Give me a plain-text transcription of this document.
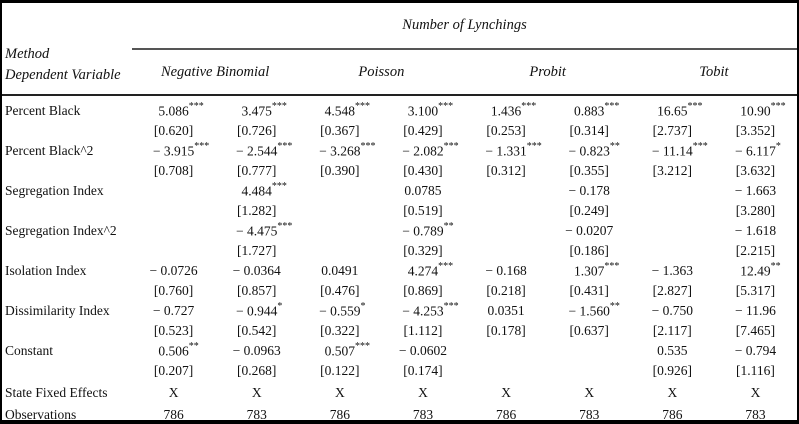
Method
Dependent Variable	Number of Lynchings							
	Negative Binomial		Poisson		Probit		Tobit	
Percent Black	5.086***	3.475***	4.548***	3.100***	1.436***	0.883***	16.65***	10.90***
	[0.620]	[0.726]	[0.367]	[0.429]	[0.253]	[0.314]	[2.737]	[3.352]
Percent Black^2	− 3.915***	− 2.544***	− 3.268***	− 2.082***	− 1.331***	− 0.823**	− 11.14***	− 6.117*
	[0.708]	[0.777]	[0.390]	[0.430]	[0.312]	[0.355]	[3.212]	[3.632]
Segregation Index		4.484***		0.0785		− 0.178		− 1.663
		[1.282]		[0.519]		[0.249]		[3.280]
Segregation Index^2		− 4.475***		− 0.789**		− 0.0207		− 1.618
		[1.727]		[0.329]		[0.186]		[2.215]
Isolation Index	− 0.0726	− 0.0364	0.0491	4.274***	− 0.168	1.307***	− 1.363	12.49**
	[0.760]	[0.857]	[0.476]	[0.869]	[0.218]	[0.431]	[2.827]	[5.317]
Dissimilarity Index	− 0.727	− 0.944*	− 0.559*	− 4.253***	0.0351	− 1.560**	− 0.750	− 11.96
	[0.523]	[0.542]	[0.322]	[1.112]	[0.178]	[0.637]	[2.117]	[7.465]
Constant	0.506**	− 0.0963	0.507***	− 0.0602			0.535	− 0.794
	[0.207]	[0.268]	[0.122]	[0.174]			[0.926]	[1.116]
State Fixed Effects	X	X	X	X	X	X	X	X
Observations	786	783	786	783	786	783	786	783
